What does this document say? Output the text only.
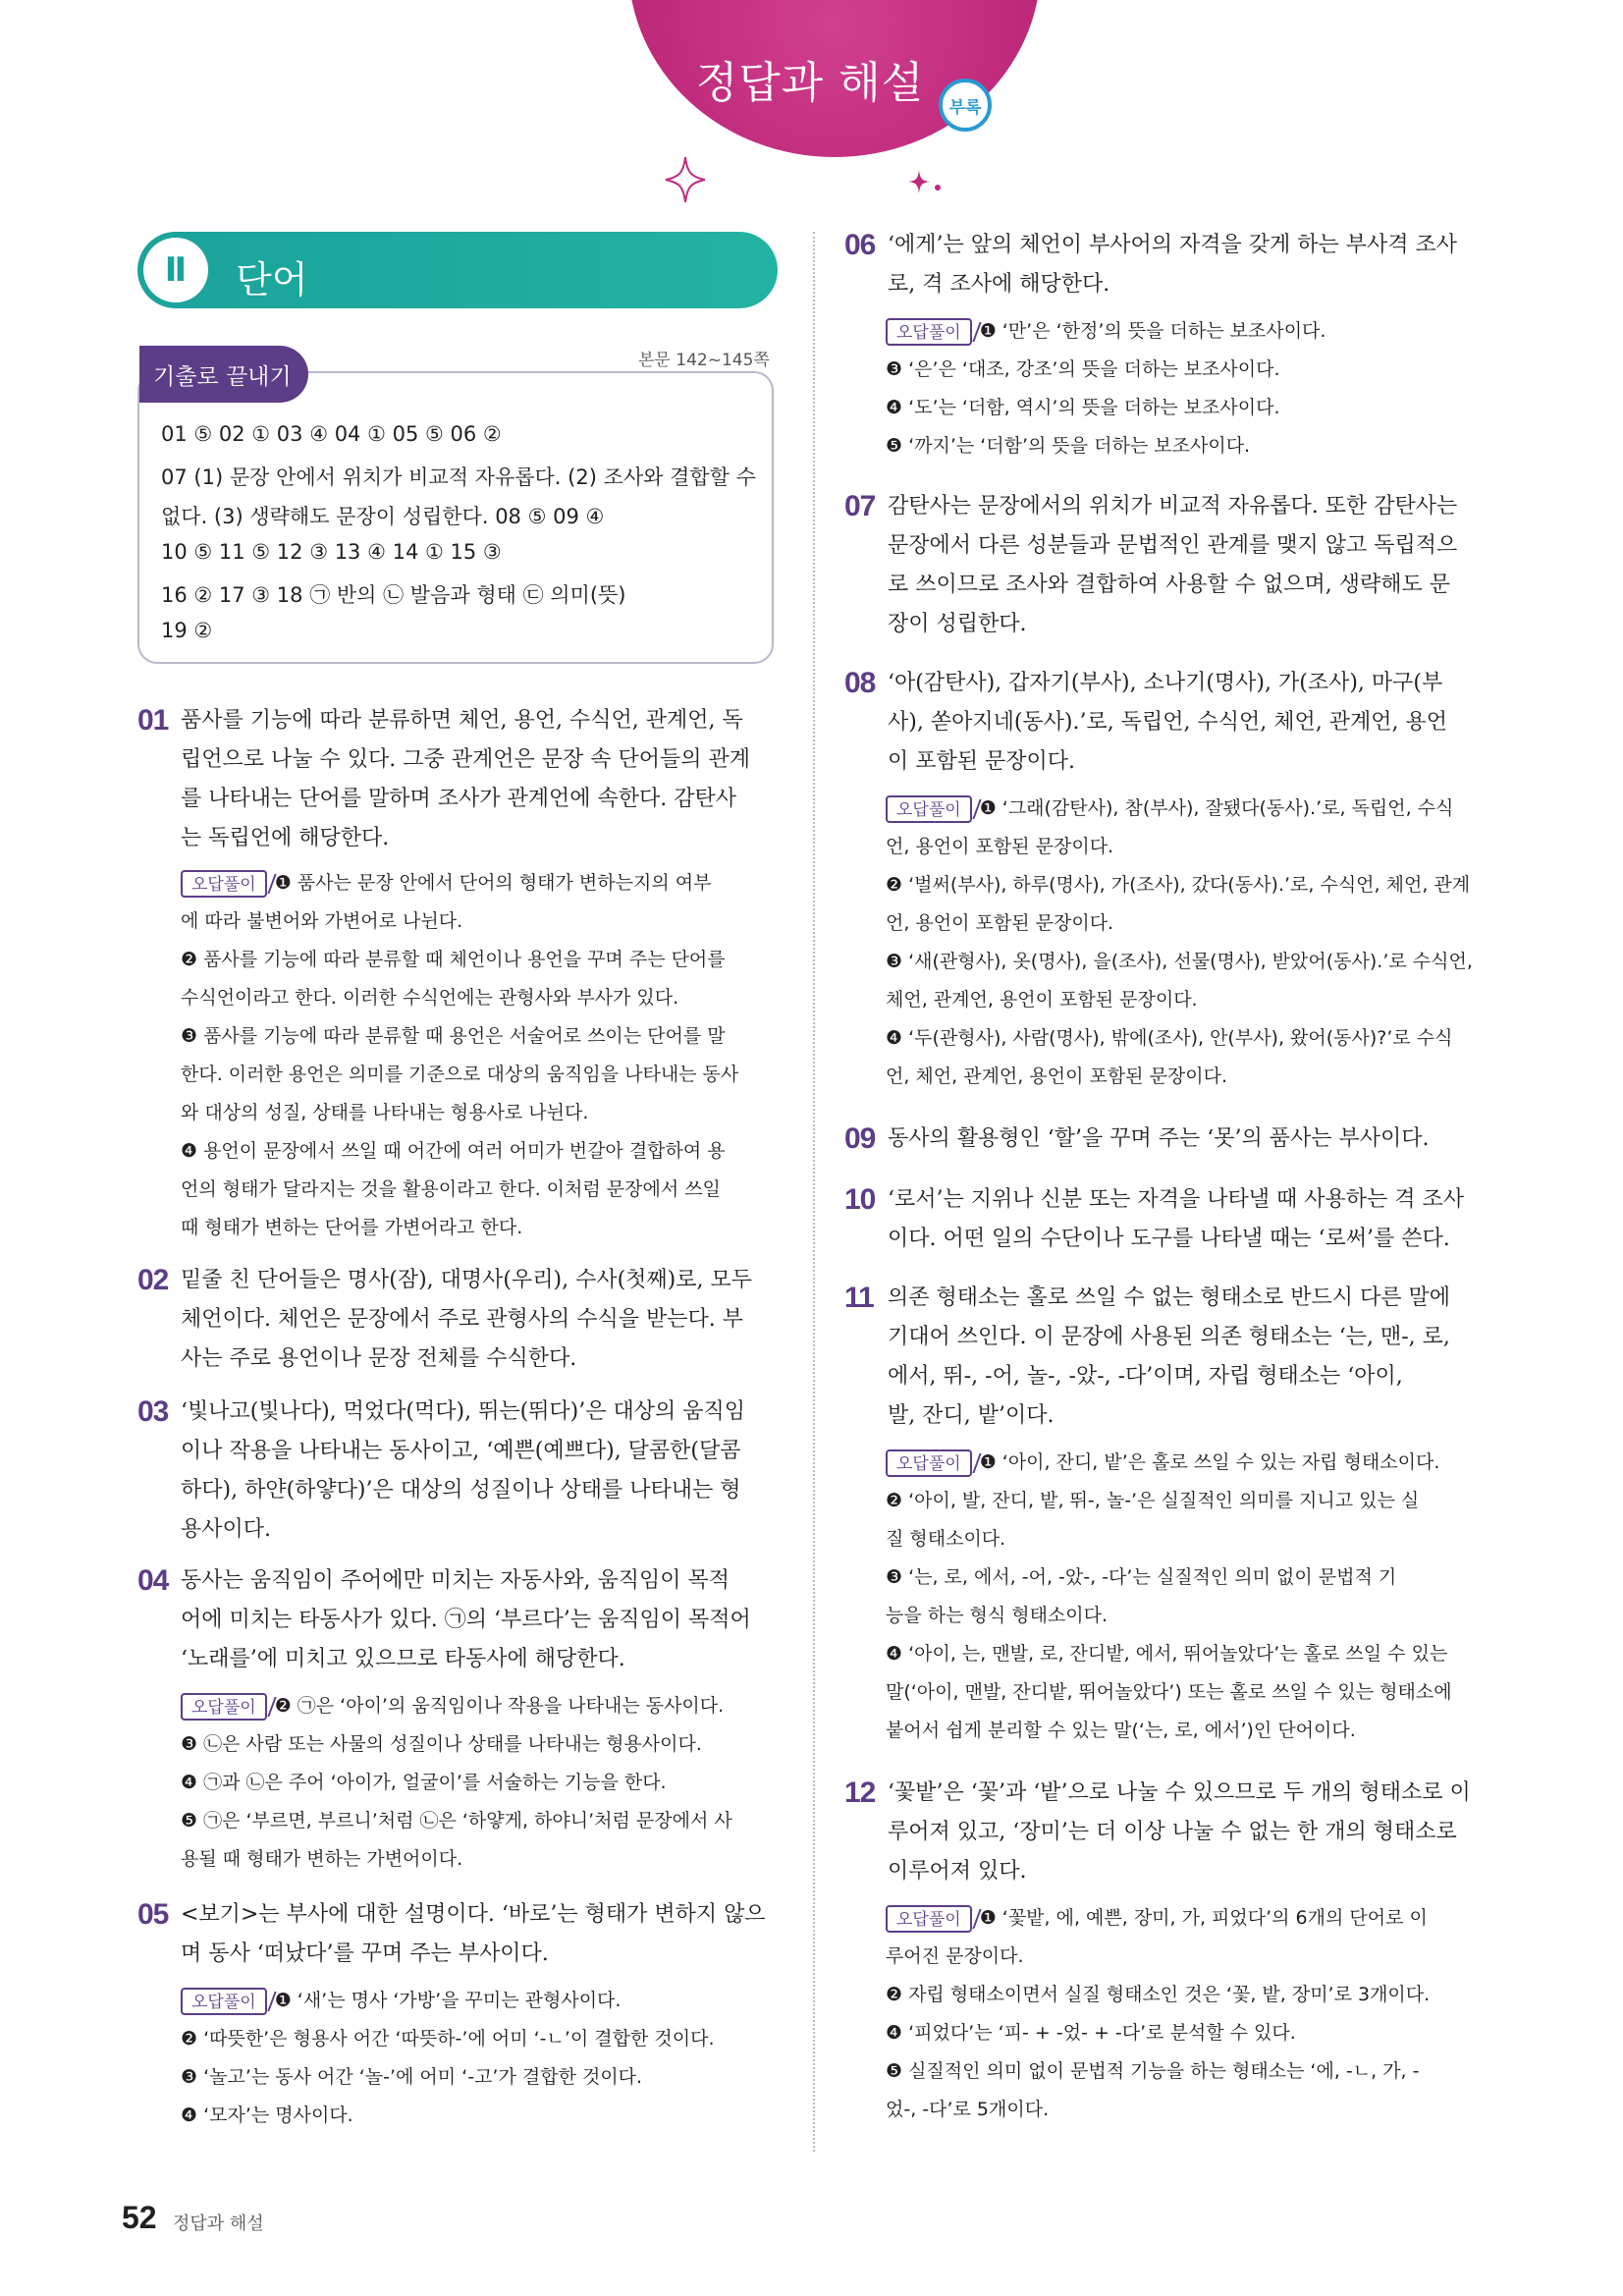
정답과 해설	부록
Ⅱ	단어
기출로 끝내기
본문 142~145쪽
01 ⑤ 02 ① 03 ④ 04 ① 05 ⑤ 06 ②
07 (1) 문장 안에서 위치가 비교적 자유롭다. (2) 조사와 결합할 수
없다. (3) 생략해도 문장이 성립한다. 08 ⑤ 09 ④
10 ⑤ 11 ⑤ 12 ③ 13 ④ 14 ① 15 ③
16 ② 17 ③ 18 ㉠ 반의 ㉡ 발음과 형태 ㉢ 의미(뜻)
19 ②
01 품사를 기능에 따라 분류하면 체언, 용언, 수식언, 관계언, 독
립언으로 나눌 수 있다. 그중 관계언은 문장 속 단어들의 관계
를 나타내는 단어를 말하며 조사가 관계언에 속한다. 감탄사
는 독립언에 해당한다.
오답풀이 ❶ 품사는 문장 안에서 단어의 형태가 변하는지의 여부
에 따라 불변어와 가변어로 나뉜다.
❷ 품사를 기능에 따라 분류할 때 체언이나 용언을 꾸며 주는 단어를
수식언이라고 한다. 이러한 수식언에는 관형사와 부사가 있다.
❸ 품사를 기능에 따라 분류할 때 용언은 서술어로 쓰이는 단어를 말
한다. 이러한 용언은 의미를 기준으로 대상의 움직임을 나타내는 동사
와 대상의 성질, 상태를 나타내는 형용사로 나뉜다.
❹ 용언이 문장에서 쓰일 때 어간에 여러 어미가 번갈아 결합하여 용
언의 형태가 달라지는 것을 활용이라고 한다. 이처럼 문장에서 쓰일
때 형태가 변하는 단어를 가변어라고 한다.
02 밑줄 친 단어들은 명사(잠), 대명사(우리), 수사(첫째)로, 모두
체언이다. 체언은 문장에서 주로 관형사의 수식을 받는다. 부
사는 주로 용언이나 문장 전체를 수식한다.
03 ‘빛나고(빛나다), 먹었다(먹다), 뛰는(뛰다)’은 대상의 움직임
이나 작용을 나타내는 동사이고, ‘예쁜(예쁘다), 달콤한(달콤
하다), 하얀(하얗다)’은 대상의 성질이나 상태를 나타내는 형
용사이다.
04 동사는 움직임이 주어에만 미치는 자동사와, 움직임이 목적
어에 미치는 타동사가 있다. ㉠의 ‘부르다’는 움직임이 목적어
‘노래를’에 미치고 있으므로 타동사에 해당한다.
오답풀이 ❷ ㉠은 ‘아이’의 움직임이나 작용을 나타내는 동사이다.
❸ ㉡은 사람 또는 사물의 성질이나 상태를 나타내는 형용사이다.
❹ ㉠과 ㉡은 주어 ‘아이가, 얼굴이’를 서술하는 기능을 한다.
❺ ㉠은 ‘부르면, 부르니’처럼 ㉡은 ‘하얗게, 하야니’처럼 문장에서 사
용될 때 형태가 변하는 가변어이다.
05 <보기>는 부사에 대한 설명이다. ‘바로’는 형태가 변하지 않으
며 동사 ‘떠났다’를 꾸며 주는 부사이다.
오답풀이 ❶ ‘새’는 명사 ‘가방’을 꾸미는 관형사이다.
❷ ‘따뜻한’은 형용사 어간 ‘따뜻하-’에 어미 ‘-ㄴ’이 결합한 것이다.
❸ ‘놀고’는 동사 어간 ‘놀-’에 어미 ‘-고’가 결합한 것이다.
❹ ‘모자’는 명사이다.
06 ‘에게’는 앞의 체언이 부사어의 자격을 갖게 하는 부사격 조사
로, 격 조사에 해당한다.
오답풀이 ❶ ‘만’은 ‘한정’의 뜻을 더하는 보조사이다.
❸ ‘은’은 ‘대조, 강조’의 뜻을 더하는 보조사이다.
❹ ‘도’는 ‘더함, 역시’의 뜻을 더하는 보조사이다.
❺ ‘까지’는 ‘더함’의 뜻을 더하는 보조사이다.
07 감탄사는 문장에서의 위치가 비교적 자유롭다. 또한 감탄사는
문장에서 다른 성분들과 문법적인 관계를 맺지 않고 독립적으
로 쓰이므로 조사와 결합하여 사용할 수 없으며, 생략해도 문
장이 성립한다.
08 ‘아(감탄사), 갑자기(부사), 소나기(명사), 가(조사), 마구(부
사), 쏟아지네(동사).’로, 독립언, 수식언, 체언, 관계언, 용언
이 포함된 문장이다.
오답풀이 ❶ ‘그래(감탄사), 참(부사), 잘됐다(동사).’로, 독립언, 수식
언, 용언이 포함된 문장이다.
❷ ‘벌써(부사), 하루(명사), 가(조사), 갔다(동사).’로, 수식언, 체언, 관계
언, 용언이 포함된 문장이다.
❸ ‘새(관형사), 옷(명사), 을(조사), 선물(명사), 받았어(동사).’로 수식언,
체언, 관계언, 용언이 포함된 문장이다.
❹ ‘두(관형사), 사람(명사), 밖에(조사), 안(부사), 왔어(동사)?’로 수식
언, 체언, 관계언, 용언이 포함된 문장이다.
09 동사의 활용형인 ‘할’을 꾸며 주는 ‘못’의 품사는 부사이다.
10 ‘로서’는 지위나 신분 또는 자격을 나타낼 때 사용하는 격 조사
이다. 어떤 일의 수단이나 도구를 나타낼 때는 ‘로써’를 쓴다.
11 의존 형태소는 홀로 쓰일 수 없는 형태소로 반드시 다른 말에
기대어 쓰인다. 이 문장에 사용된 의존 형태소는 ‘는, 맨-, 로,
에서, 뛰-, -어, 놀-, -았-, -다’이며, 자립 형태소는 ‘아이,
발, 잔디, 밭’이다.
오답풀이 ❶ ‘아이, 잔디, 밭’은 홀로 쓰일 수 있는 자립 형태소이다.
❷ ‘아이, 발, 잔디, 밭, 뛰-, 놀-’은 실질적인 의미를 지니고 있는 실
질 형태소이다.
❸ ‘는, 로, 에서, -어, -았-, -다’는 실질적인 의미 없이 문법적 기
능을 하는 형식 형태소이다.
❹ ‘아이, 는, 맨발, 로, 잔디밭, 에서, 뛰어놀았다’는 홀로 쓰일 수 있는
말(‘아이, 맨발, 잔디밭, 뛰어놀았다’) 또는 홀로 쓰일 수 있는 형태소에
붙어서 쉽게 분리할 수 있는 말(‘는, 로, 에서’)인 단어이다.
12 ‘꽃밭’은 ‘꽃’과 ‘밭’으로 나눌 수 있으므로 두 개의 형태소로 이
루어져 있고, ‘장미’는 더 이상 나눌 수 없는 한 개의 형태소로
이루어져 있다.
오답풀이 ❶ ‘꽃밭, 에, 예쁜, 장미, 가, 피었다’의 6개의 단어로 이
루어진 문장이다.
❷ 자립 형태소이면서 실질 형태소인 것은 ‘꽃, 밭, 장미’로 3개이다.
❹ ‘피었다’는 ‘피- + -었- + -다’로 분석할 수 있다.
❺ 실질적인 의미 없이 문법적 기능을 하는 형태소는 ‘에, -ㄴ, 가, -
었-, -다’로 5개이다.
52 정답과 해설
